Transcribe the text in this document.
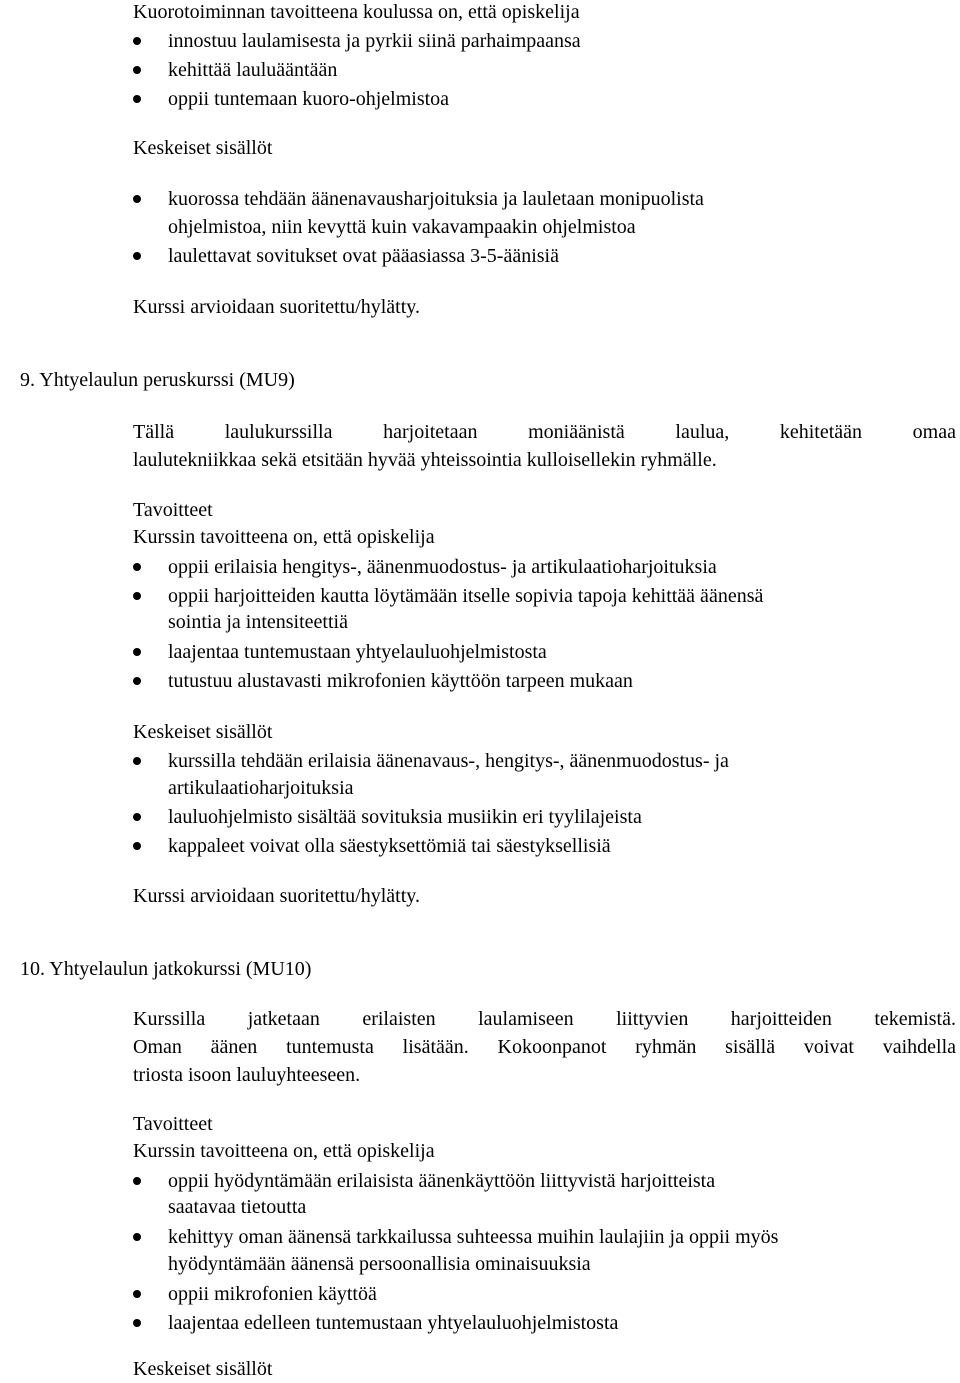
Kuorotoiminnan tavoitteena koulussa on, että opiskelija
innostuu laulamisesta ja pyrkii siinä parhaimpaansa
kehittää lauluääntään
oppii tuntemaan kuoro-ohjelmistoa
Keskeiset sisällöt
kuorossa tehdään äänenavausharjoituksia ja lauletaan monipuolista
ohjelmistoa, niin kevyttä kuin vakavampaakin ohjelmistoa
laulettavat sovitukset ovat pääasiassa 3-5-äänisiä
Kurssi arvioidaan suoritettu/hylätty.
9. Yhtyelaulun peruskurssi (MU9)
Tällä laulukurssilla harjoitetaan moniäänistä laulua, kehitetään omaa
laulutekniikkaa sekä etsitään hyvää yhteissointia kulloisellekin ryhmälle.
Tavoitteet
Kurssin tavoitteena on, että opiskelija
oppii erilaisia hengitys-, äänenmuodostus- ja artikulaatioharjoituksia
oppii harjoitteiden kautta löytämään itselle sopivia tapoja kehittää äänensä
sointia ja intensiteettiä
laajentaa tuntemustaan yhtyelauluohjelmistosta
tutustuu alustavasti mikrofonien käyttöön tarpeen mukaan
Keskeiset sisällöt
kurssilla tehdään erilaisia äänenavaus-, hengitys-, äänenmuodostus- ja
artikulaatioharjoituksia
lauluohjelmisto sisältää sovituksia musiikin eri tyylilajeista
kappaleet voivat olla säestyksettömiä tai säestyksellisiä
Kurssi arvioidaan suoritettu/hylätty.
10. Yhtyelaulun jatkokurssi (MU10)
Kurssilla jatketaan erilaisten laulamiseen liittyvien harjoitteiden tekemistä.
Oman äänen tuntemusta lisätään. Kokoonpanot ryhmän sisällä voivat vaihdella
triosta isoon lauluyhteeseen.
Tavoitteet
Kurssin tavoitteena on, että opiskelija
oppii hyödyntämään erilaisista äänenkäyttöön liittyvistä harjoitteista
saatavaa tietoutta
kehittyy oman äänensä tarkkailussa suhteessa muihin laulajiin ja oppii myös
hyödyntämään äänensä persoonallisia ominaisuuksia
oppii mikrofonien käyttöä
laajentaa edelleen tuntemustaan yhtyelauluohjelmistosta
Keskeiset sisällöt
